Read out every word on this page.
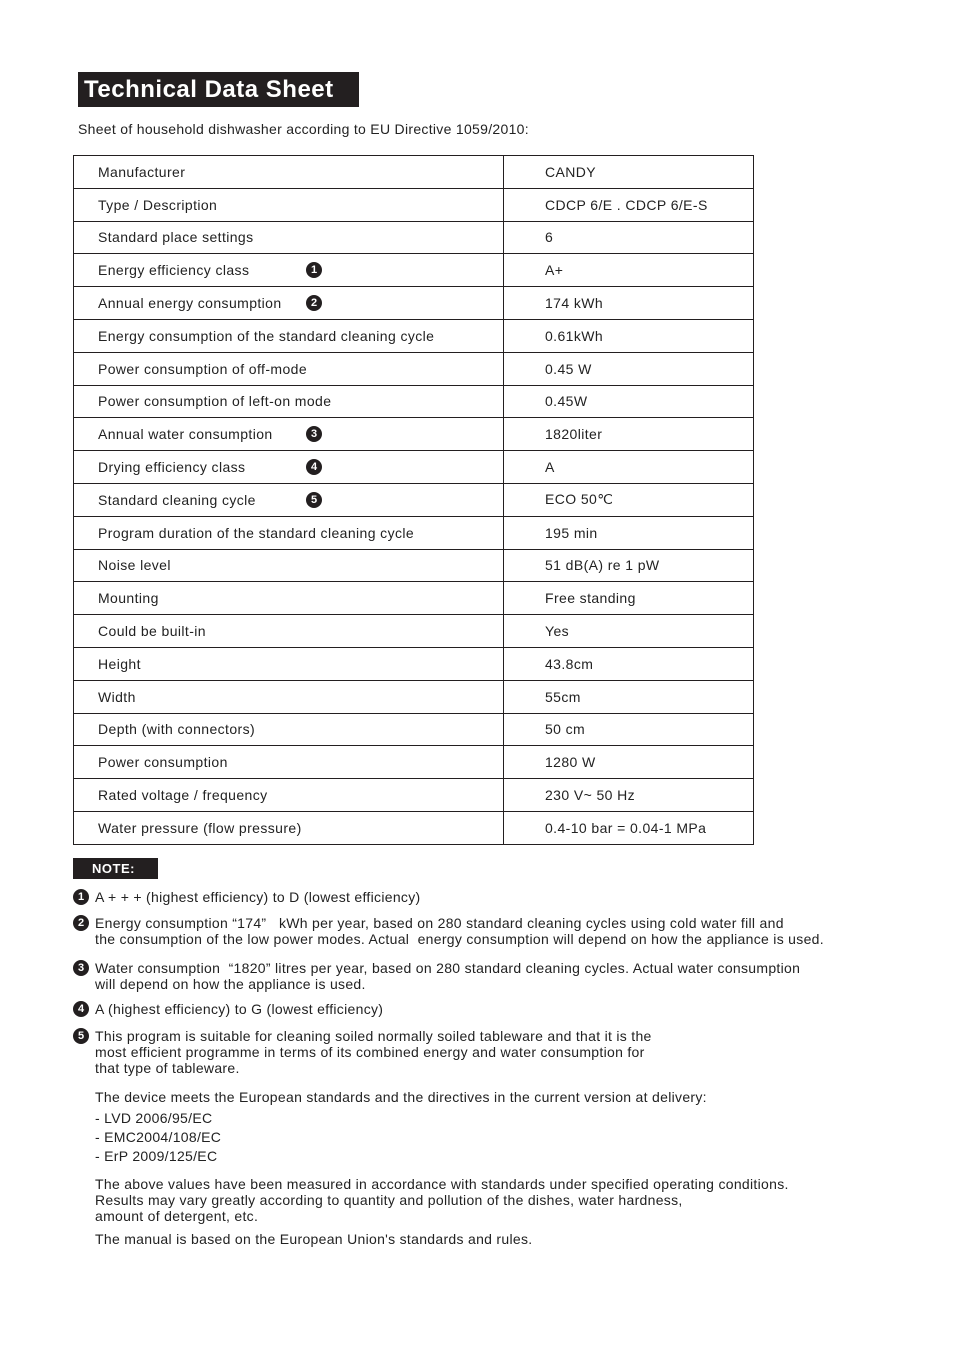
Technical Data Sheet
Sheet of household dishwasher according to EU Directive 1059/2010:
Manufacturer	CANDY
Type / Description	CDCP 6/E . CDCP 6/E-S
Standard place settings	6
Energy efficiency class 1	A+
Annual energy consumption 2	174 kWh
Energy consumption of the standard cleaning cycle	0.61kWh
Power consumption of off-mode	0.45 W
Power consumption of left-on mode	0.45W
Annual water consumption 3	1820liter
Drying efficiency class 4	A
Standard cleaning cycle 5	ECO 50℃
Program duration of the standard cleaning cycle	195 min
Noise level	51 dB(A) re 1 pW
Mounting	Free standing
Could be built-in	Yes
Height	43.8cm
Width	55cm
Depth (with connectors)	50 cm
Power consumption	1280 W
Rated voltage / frequency	230 V~ 50 Hz
Water pressure (flow pressure)	0.4-10 bar = 0.04-1 MPa
NOTE:
1 A + + + (highest efficiency) to D (lowest efficiency)
2 Energy consumption “174”   kWh per year, based on 280 standard cleaning cycles using cold water fill and
the consumption of the low power modes. Actual  energy consumption will depend on how the appliance is used.
3 Water consumption  “1820” litres per year, based on 280 standard cleaning cycles. Actual water consumption
will depend on how the appliance is used.
4 A (highest efficiency) to G (lowest efficiency)
5 This program is suitable for cleaning soiled normally soiled tableware and that it is the
most efficient programme in terms of its combined energy and water consumption for
that type of tableware.
The device meets the European standards and the directives in the current version at delivery:
- LVD 2006/95/EC
- EMC2004/108/EC
- ErP 2009/125/EC
The above values have been measured in accordance with standards under specified operating conditions.
Results may vary greatly according to quantity and pollution of the dishes, water hardness,
amount of detergent, etc.
The manual is based on the European Union's standards and rules.
